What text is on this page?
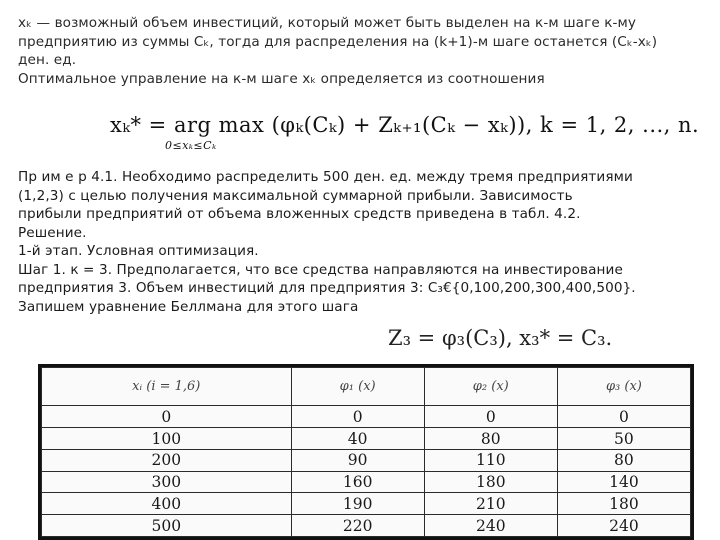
xₖ — возможный объем инвестиций, который может быть выделен на к-м шаге к-му
предприятию из суммы Cₖ, тогда для распределения на (k+1)-м шаге останется (Cₖ-xₖ)
ден. ед.
Оптимальное управление на к-м шаге xₖ определяется из соотношения
xₖ* = arg max (φₖ(Cₖ) + Zₖ₊₁(Cₖ − xₖ)), k = 1, 2, ..., n.
0≤xₖ≤Cₖ
Пр им е р 4.1. Необходимо распределить 500 ден. ед. между тремя предприятиями
(1,2,3) с целью получения максимальной суммарной прибыли. Зависимость
прибыли предприятий от объема вложенных средств приведена в табл. 4.2.
Решение.
1-й этап. Условная оптимизация.
Шаг 1. к = 3. Предполагается, что все средства направляются на инвестирование
предприятия 3. Объем инвестиций для предприятия 3: C₃€{0,100,200,300,400,500}.
Запишем уравнение Беллмана для этого шага
Z₃ = φ₃(C₃), x₃* = C₃.
xᵢ (i = 1,6)	φ₁ (x)	φ₂ (x)	φ₃ (x)
0	0	0	0
100	40	80	50
200	90	110	80
300	160	180	140
400	190	210	180
500	220	240	240
